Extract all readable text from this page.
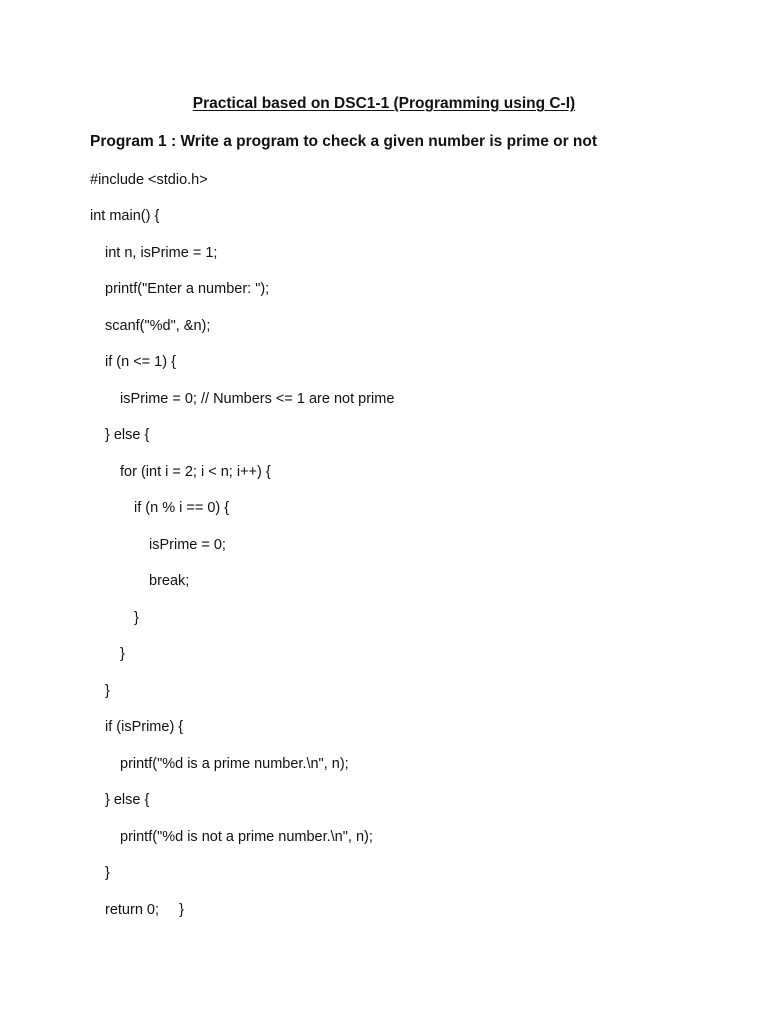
Practical based on DSC1-1 (Programming using C-I)
Program 1 : Write a program to check a given number is prime or not
#include <stdio.h>
int main() {
int n, isPrime = 1;
printf("Enter a number: ");
scanf("%d", &n);
if (n <= 1) {
isPrime = 0; // Numbers <= 1 are not prime
} else {
for (int i = 2; i < n; i++) {
if (n % i == 0) {
isPrime = 0;
break;
}
}
}
if (isPrime) {
printf("%d is a prime number.\n", n);
} else {
printf("%d is not a prime number.\n", n);
}
return 0;     }
